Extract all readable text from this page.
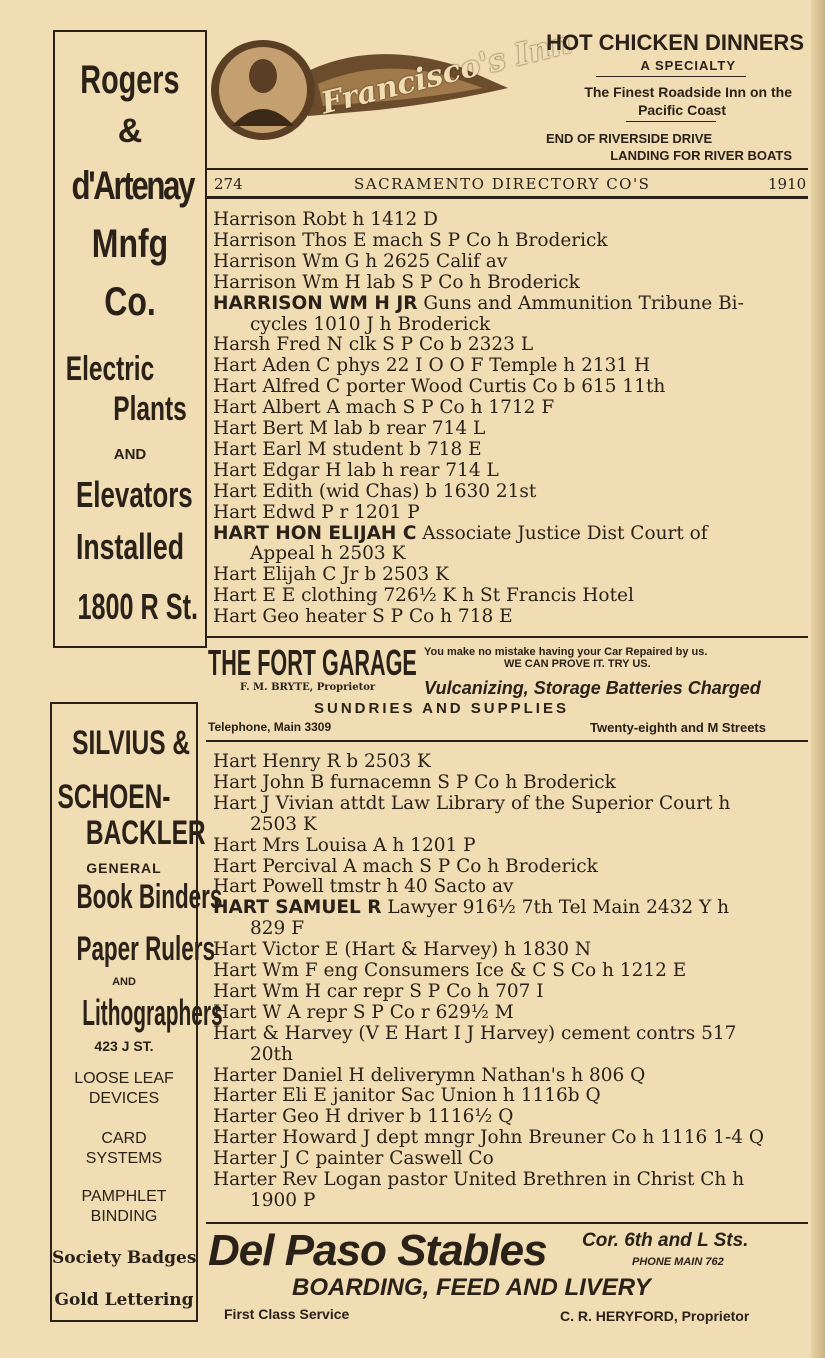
Francisco's Inn
HOT CHICKEN DINNERS
A SPECIALTY
The Finest Roadside Inn on the
Pacific Coast
END OF RIVERSIDE DRIVE
LANDING FOR RIVER BOATS
274	SACRAMENTO DIRECTORY CO'S	1910
Rogers
&
d'Artenay
Mnfg
Co.
Electric
Plants
AND
Elevators
Installed
1800 R St.
SILVIUS &
SCHOEN-
BACKLER
GENERAL
Book Binders
Paper Rulers
AND
Lithographers
423 J ST.
LOOSE LEAF
DEVICES
CARD
SYSTEMS
PAMPHLET
BINDING
Society Badges
Gold Lettering
Harrison Robt h 1412 D
Harrison Thos E mach S P Co h Broderick
Harrison Wm G h 2625 Calif av
Harrison Wm H lab S P Co h Broderick
HARRISON WM H JR Guns and Ammunition Tribune Bi-
cycles 1010 J h Broderick
Harsh Fred N clk S P Co b 2323 L
Hart Aden C phys 22 I O O F Temple h 2131 H
Hart Alfred C porter Wood Curtis Co b 615 11th
Hart Albert A mach S P Co h 1712 F
Hart Bert M lab b rear 714 L
Hart Earl M student b 718 E
Hart Edgar H lab h rear 714 L
Hart Edith (wid Chas) b 1630 21st
Hart Edwd P r 1201 P
HART HON ELIJAH C Associate Justice Dist Court of
Appeal h 2503 K
Hart Elijah C Jr b 2503 K
Hart E E clothing 726½ K h St Francis Hotel
Hart Geo heater S P Co h 718 E
THE FORT GARAGE You make no mistake having your Car Repaired by us.
WE CAN PROVE IT. TRY US.
F. M. BRYTE, Proprietor	Vulcanizing, Storage Batteries Charged
SUNDRIES AND SUPPLIES
Telephone, Main 3309	Twenty-eighth and M Streets
Hart Henry R b 2503 K
Hart John B furnacemn S P Co h Broderick
Hart J Vivian attdt Law Library of the Superior Court h
2503 K
Hart Mrs Louisa A h 1201 P
Hart Percival A mach S P Co h Broderick
Hart Powell tmstr h 40 Sacto av
HART SAMUEL R Lawyer 916½ 7th Tel Main 2432 Y h
829 F
Hart Victor E (Hart & Harvey) h 1830 N
Hart Wm F eng Consumers Ice & C S Co h 1212 E
Hart Wm H car repr S P Co h 707 I
Hart W A repr S P Co r 629½ M
Hart & Harvey (V E Hart I J Harvey) cement contrs 517
20th
Harter Daniel H deliverymn Nathan's h 806 Q
Harter Eli E janitor Sac Union h 1116b Q
Harter Geo H driver b 1116½ Q
Harter Howard J dept mngr John Breuner Co h 1116 1-4 Q
Harter J C painter Caswell Co
Harter Rev Logan pastor United Brethren in Christ Ch h
1900 P
Del Paso Stables Cor. 6th and L Sts.
PHONE MAIN 762
BOARDING, FEED AND LIVERY
First Class Service	C. R. HERYFORD, Proprietor
